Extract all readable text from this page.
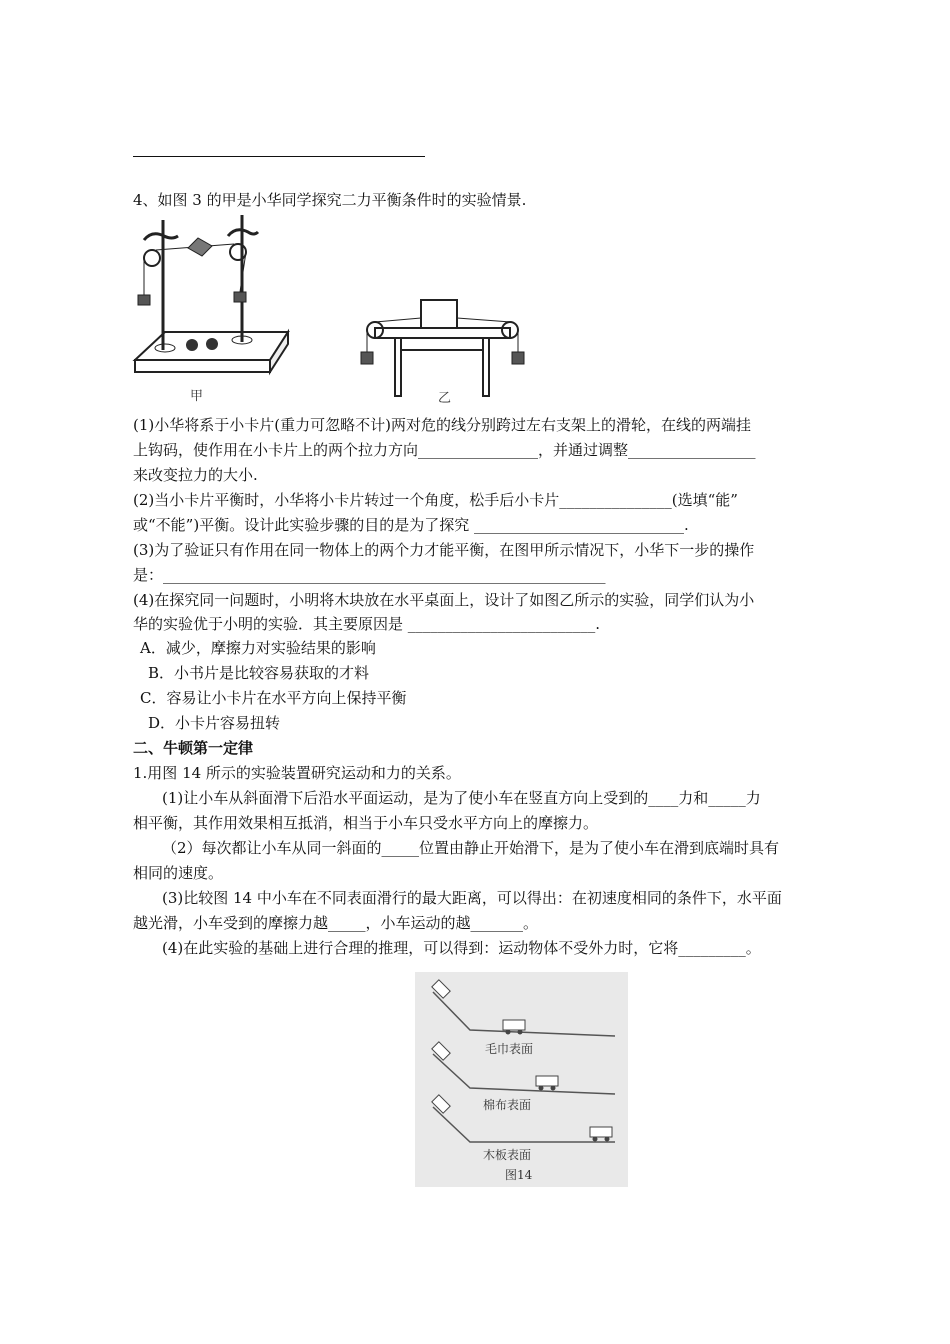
4、如图 3 的甲是小华同学探究二力平衡条件时的实验情景.
甲	乙
(1)小华将系于小卡片(重力可忽略不计)两对危的线分别跨过左右支架上的滑轮，在线的两端挂
上钩码，使作用在小卡片上的两个拉力方向________________，并通过调整_________________
来改变拉力的大小.
(2)当小卡片平衡时，小华将小卡片转过一个角度，松手后小卡片_______________(选填“能”
或“不能”)平衡。设计此实验步骤的目的是为了探究 ____________________________.
(3)为了验证只有作用在同一物体上的两个力才能平衡，在图甲所示情况下，小华下一步的操作
是：___________________________________________________________
(4)在探究同一问题时，小明将木块放在水平桌面上，设计了如图乙所示的实验，同学们认为小
华的实验优于小明的实验．其主要原因是 _________________________.
A．减少，摩擦力对实验结果的影响
B．小书片是比较容易获取的才料
C．容易让小卡片在水平方向上保持平衡
D．小卡片容易扭转
二、牛顿第一定律
1.用图 14 所示的实验装置研究运动和力的关系。
(1)让小车从斜面滑下后沿水平面运动，是为了使小车在竖直方向上受到的____力和_____力
相平衡，其作用效果相互抵消，相当于小车只受水平方向上的摩擦力。
（2）每次都让小车从同一斜面的_____位置由静止开始滑下，是为了使小车在滑到底端时具有
相同的速度。
(3)比较图 14 中小车在不同表面滑行的最大距离，可以得出：在初速度相同的条件下，水平面
越光滑，小车受到的摩擦力越_____，小车运动的越_______。
(4)在此实验的基础上进行合理的推理，可以得到：运动物体不受外力时，它将_________。
毛巾表面
棉布表面
木板表面
图14
